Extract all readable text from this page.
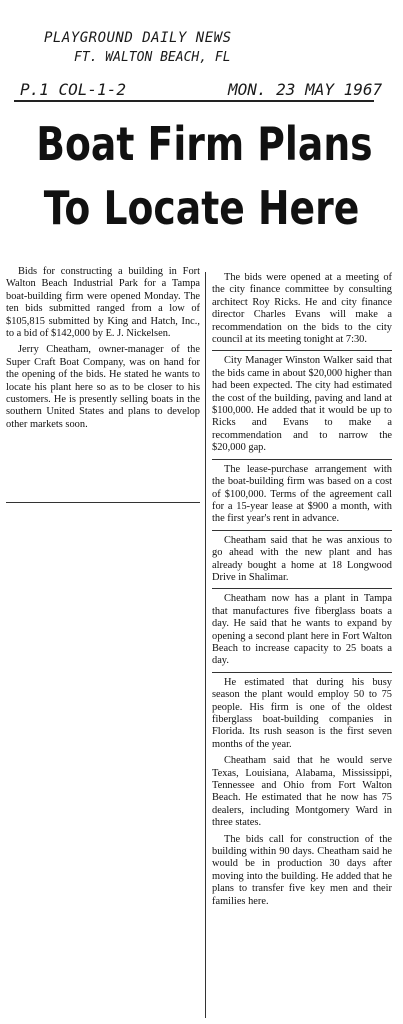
PLAYGROUND DAILY NEWS
FT. WALTON BEACH, FL
P.1 COL-1-2	MON. 23 MAY 1967
Boat Firm Plans
To Locate Here

Bids for constructing a building in Fort Walton Beach Industrial Park for a Tampa boat-building firm were opened Monday. The ten bids submitted ranged from a low of $105,815 submitted by King and Hatch, Inc., to a bid of $142,000 by E. J. Nickelsen.

Jerry Cheatham, owner-manager of the Super Craft Boat Company, was on hand for the opening of the bids. He stated he wants to locate his plant here so as to be closer to his customers. He is presently selling boats in the southern United States and plans to develop other markets soon.

The bids were opened at a meeting of the city finance committee by consulting architect Roy Ricks. He and city finance director Charles Evans will make a recommendation on the bids to the city council at its meeting tonight at 7:30.

City Manager Winston Walker said that the bids came in about $20,000 higher than had been expected. The city had estimated the cost of the building, paving and land at $100,000. He added that it would be up to Ricks and Evans to make a recommendation and to narrow the $20,000 gap.

The lease-purchase arrangement with the boat-building firm was based on a cost of $100,000. Terms of the agreement call for a 15-year lease at $900 a month, with the first year's rent in advance.

Cheatham said that he was anxious to go ahead with the new plant and has already bought a home at 18 Longwood Drive in Shalimar.

Cheatham now has a plant in Tampa that manufactures five fiberglass boats a day. He said that he wants to expand by opening a second plant here in Fort Walton Beach to increase capacity to 25 boats a day.

He estimated that during his busy season the plant would employ 50 to 75 people. His firm is one of the oldest fiberglass boat-building companies in Florida. Its rush season is the first seven months of the year.

Cheatham said that he would serve Texas, Louisiana, Alabama, Mississippi, Tennessee and Ohio from Fort Walton Beach. He estimated that he now has 75 dealers, including Montgomery Ward in three states.

The bids call for construction of the building within 90 days. Cheatham said he would be in production 30 days after moving into the building. He added that he plans to transfer five key men and their families here.
